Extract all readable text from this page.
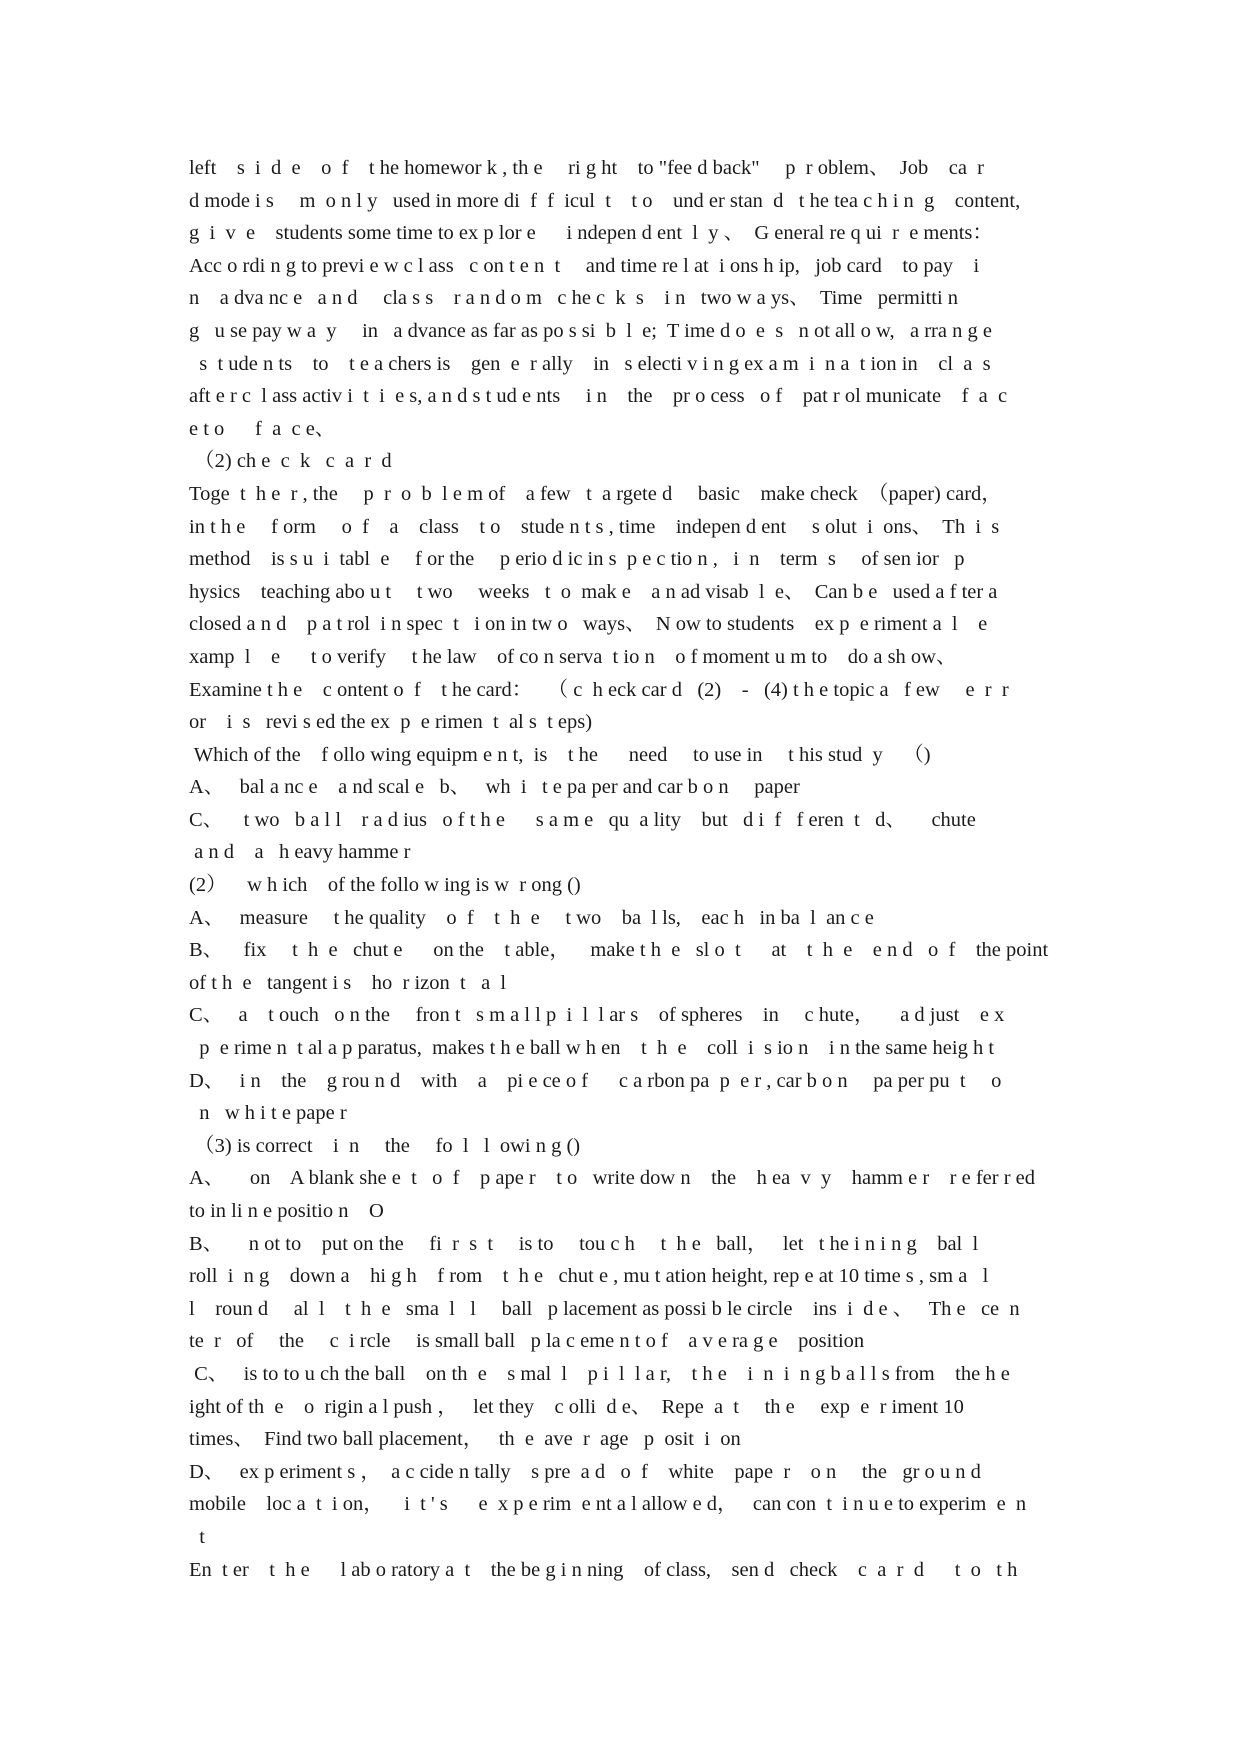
left    s  i  d  e    o  f    t he homewor k , th e     ri g ht    to "fee d back"     p  r oblem、  Job    ca  r
d mode i s     m  o n l y   used in more di  f  f  icul  t    t o    und er stan  d   t he tea c h i n  g    content,
g  i  v  e    students some time to ex p lor e      i ndepen d ent  l  y 、  G eneral re q ui  r  e ments：
Acc o rdi n g to previ e w c l ass   c on t e n  t     and time re l at  i ons h ip,   job card    to pay    i
n    a dva nc e   a n d     cla s s    r a n d o m   c he c  k  s    i n   two w a ys、  Time   permitti n
g   u se pay w a  y     in   a dvance as far as po s si  b  l  e;  T ime d o  e  s   n ot all o w,   a rra n g e
s  t ude n ts    to    t e a chers is    gen  e  r ally    in   s electi v i n g ex a m  i  n a  t ion in    cl  a  s
aft e r c  l ass activ i  t  i  e s, a n d s t ud e nts     i n    the    pr o cess   o f    pat r ol municate    f  a  c
e t o      f  a  c e、
（2) ch e  c  k   c  a  r  d
Toge  t  h e  r , the     p  r  o  b  l e m of    a few   t  a rgete d     basic    make check  （paper) card，
in t h e     f orm     o  f    a    class    t o    stude n t s , time    indepen d ent     s olut  i  ons、  Th  i  s
method    is s u  i  tabl  e     f or the     p erio d ic in s  p e c tio n ,   i  n    term  s     of sen ior   p
hysics    teaching abo u t     t wo     weeks   t  o  mak e    a n ad visab  l  e、  Can b e   used a f ter a
closed a n d    p a t rol  i n spec  t   i on in tw o   ways、  N ow to students    ex p  e riment a  l    e
xamp  l    e      t o verify     t he law    of co n serva  t io n    o f moment u m to    do a sh ow、
Examine t h e    c ontent o  f    t he card：   （ c  h eck car d   (2)    -   (4) t h e topic a   f ew     e  r  r
or    i  s   revi s ed the ex  p  e rimen  t  al s  t eps)
Which of the    f ollo wing equipm e n t,  is    t he      need     to use in     t his stud  y    （)
A、   bal a nc e    a nd scal e   b、   wh  i   t e pa per and car b o n     paper
C、    t wo   b a l l    r a d ius   o f t h e      s a m e   qu  a lity    but   d i  f   f eren  t   d、     chute
a n d    a   h eavy hamme r
(2）    w h ich    of the follo w ing is w  r ong ()
A、   measure     t he quality    o  f    t  h  e     t wo    ba  l ls,    eac h   in ba  l  an c e
B、    fix     t  h  e   chut e      on the    t able，    make t h  e   sl o  t      at    t  h  e    e n d   o  f    the point
of t h  e   tangent i s    ho  r izon  t   a  l
C、   a    t ouch   o n the     fron t   s m a l l p  i  l  l ar s    of spheres    in     c hute，     a d just    e x
p  e rime n  t al a p paratus,  makes t h e ball w h en    t  h  e    coll  i  s io n    i n the same heig h t
D、   i n    the    g rou n d    with    a    pi e ce o f      c a rbon pa  p  e r , car b o n     pa per pu  t     o
n   w h i t e pape r
（3) is correct    i  n     the     fo  l   l  owi n g ()
A、     on    A blank she e  t   o  f    p ape r    t o   write dow n    the    h ea  v  y    hamm e r    r e fer r ed
to in li n e positio n    O
B、     n ot to    put on the     fi  r  s  t     is to     tou c h     t  h e   ball，   let   t he i n i n g    bal  l
roll  i  n g    down a    hi g h    f rom    t  h e   chut e , mu t ation height, rep e at 10 time s , sm a   l
l    roun d     al  l    t  h  e   sma  l   l     ball   p lacement as possi b le circle    ins  i  d e 、   Th e   ce  n
te  r   of     the     c  i rcle     is small ball   p la c eme n t o f    a v e ra g e    position
C、   is to to u ch the ball    on th  e    s mal  l    p i  l  l a r,    t h e    i  n  i  n g b a l l s from    the h e
ight of th  e    o  rigin a l push ，   let they    c olli  d e、  Repe  a  t     th e     exp  e  r iment 10
times、  Find two ball placement，   th  e  ave  r  age   p  osit  i  on
D、   ex p eriment s ，  a c cide n tally    s pre  a d   o  f    white    pape  r    o n     the   gr o u n d
mobile    loc a  t  i on，    i  t ' s      e  x p e rim  e nt a l allow e d，   can con  t  i n u e to experim  e  n
t
En  t er    t  h e      l ab o ratory a  t    the be g i n ning    of class,    sen d   check    c  a  r  d      t  o   t h
